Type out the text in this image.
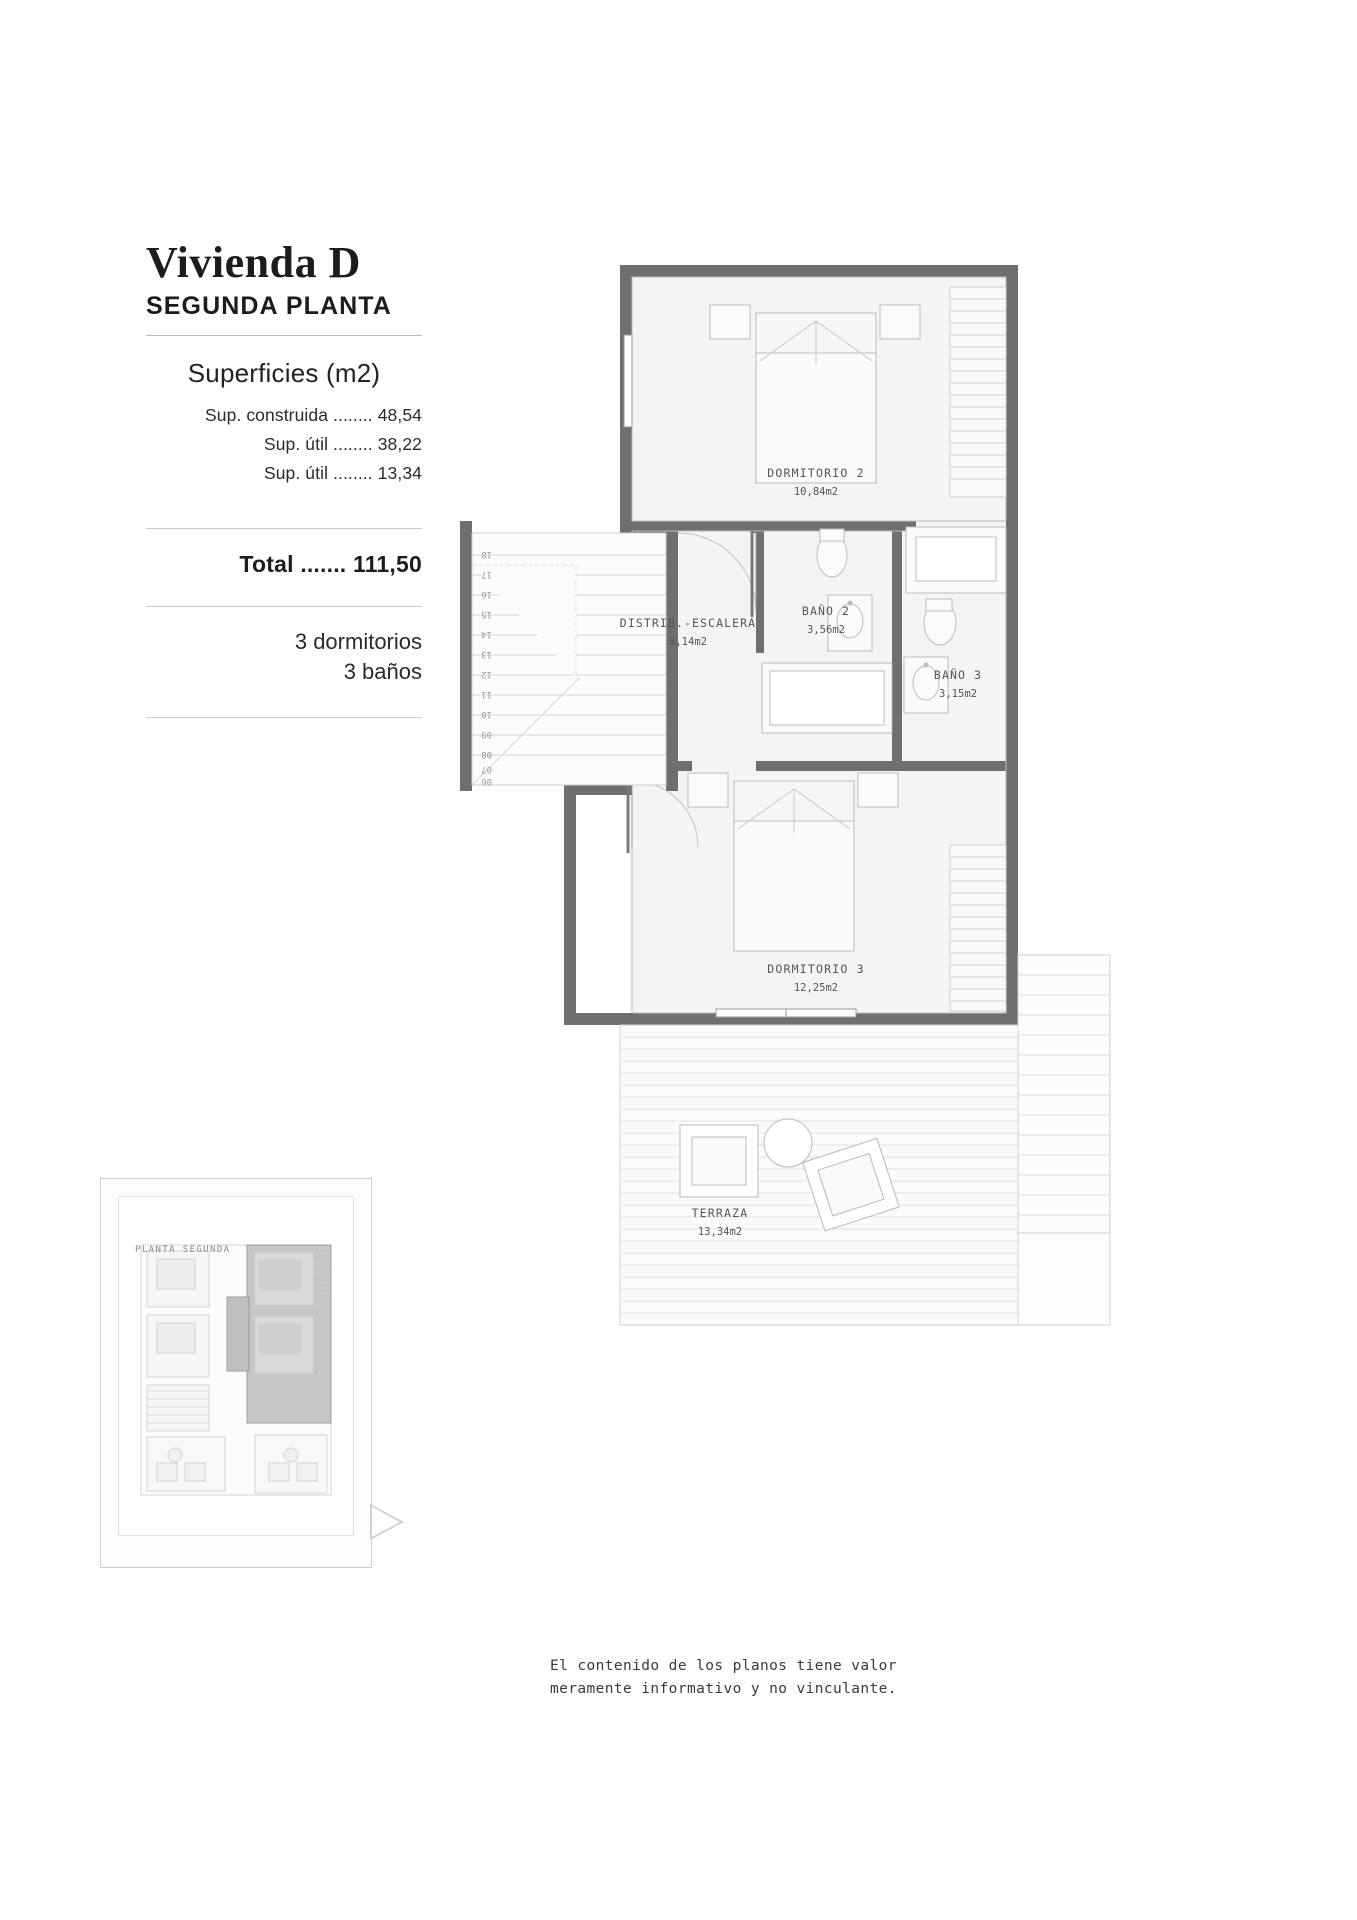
Vivienda D
SEGUNDA PLANTA
Superficies (m2)
Sup. construida ........ 48,54
Sup. útil ........ 38,22
Sup. útil ........ 13,34
Total ....... 111,50
3 dormitorios
3 baños
PLANTA SEGUNDA
18
17
16
15
14
13
12
11
10
09
08
07
06
DORMITORIO 2
10,84m2
DISTRIB.-ESCALERA
8,14m2
BAÑO 2
3,56m2
BAÑO 3
3,15m2
DORMITORIO 3
12,25m2
TERRAZA
13,34m2
El contenido de los planos tiene valor
meramente informativo y no vinculante.
